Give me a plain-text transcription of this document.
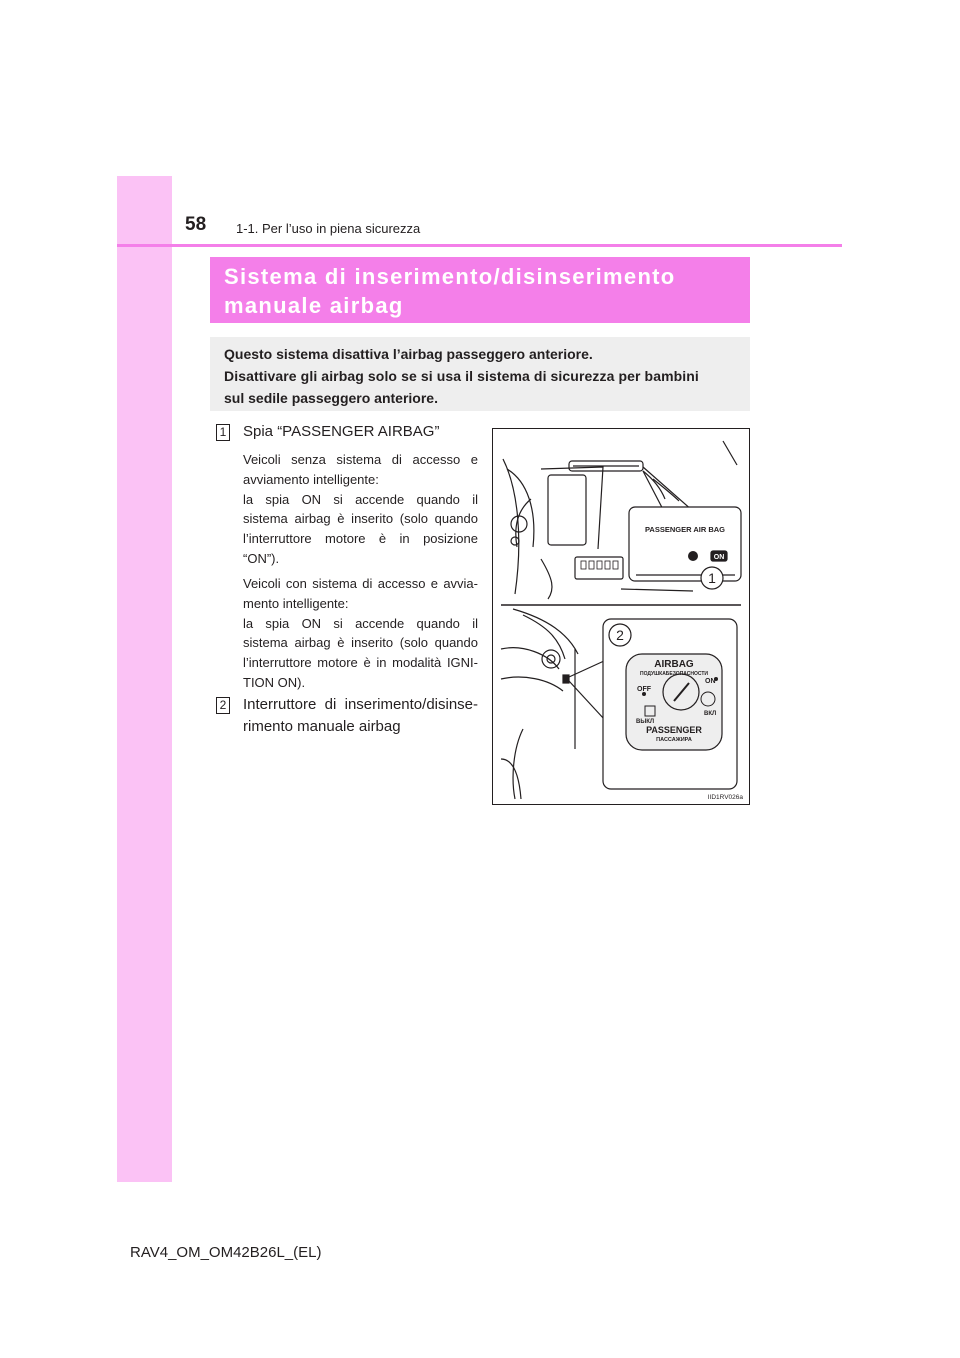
58 1-1. Per l’uso in piena sicurezza

Sistema di inserimento/disinserimento

manuale airbag

Questo sistema disattiva l’airbag passeggero anteriore.

Disattivare gli airbag solo se si usa il sistema di sicurezza per bambini

sul sedile passeggero anteriore.

1 Spia “PASSENGER AIRBAG”
Veicoli senza sistema di accesso e
avviamento intelligente:
la spia ON si accende quando il
sistema airbag è inserito (solo quando
l’interruttore motore è in posizione
“ON”).
Veicoli con sistema di accesso e avvia-
mento intelligente:
la spia ON si accende quando il
sistema airbag è inserito (solo quando
l’interruttore motore è in modalità IGNI-
TION ON).
2 Interruttore di inserimento/disinse-
rimento manuale airbag
PASSENGER AIR BAG
ON
1
2
AIRBAG
ПОДУШКАБЕЗОПАСНОСТИ
OFF
ВЫКЛ
ON
ВКЛ
PASSENGER
ПАССАЖИРА
IID1RV026a
RAV4_OM_OM42B26L_(EL)
